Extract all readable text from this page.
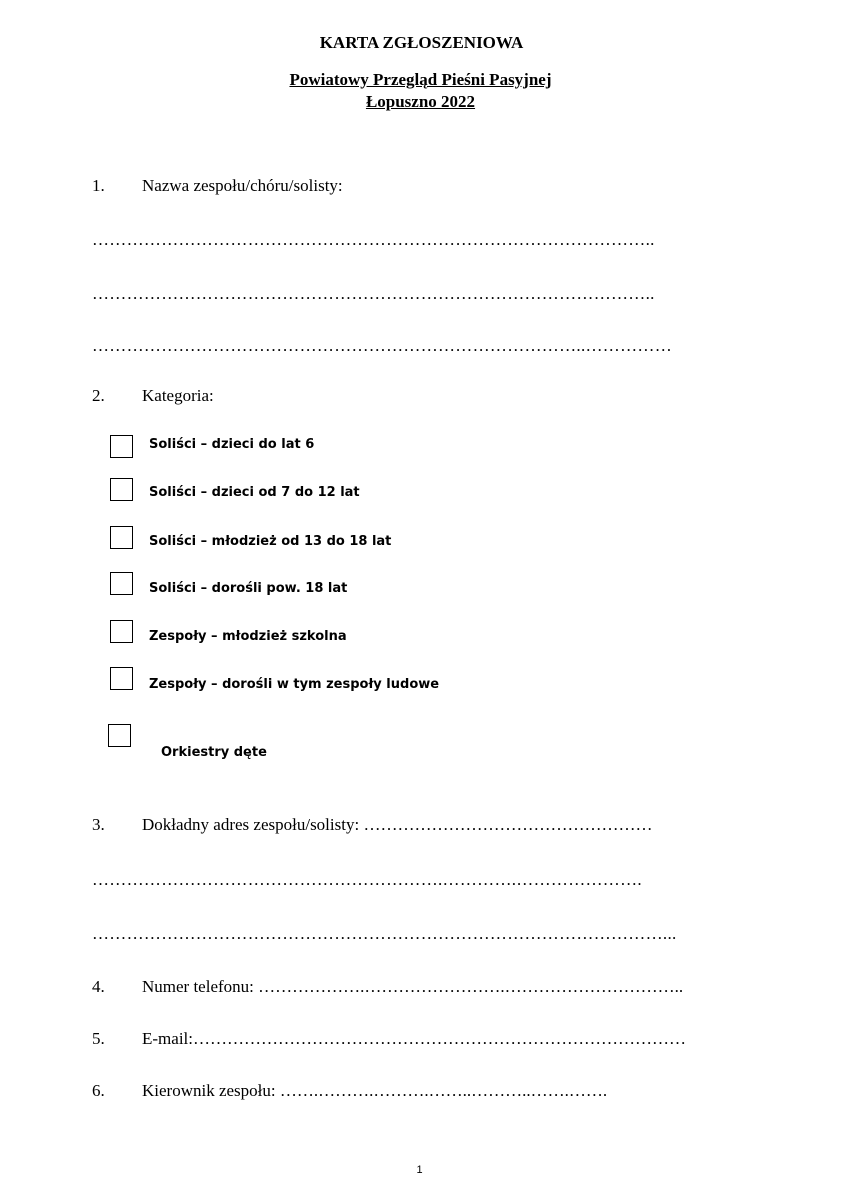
KARTA ZGŁOSZENIOWA
Powiatowy Przegląd Pieśni Pasyjnej
Łopuszno 2022
1. Nazwa zespołu/chóru/solisty:
……………………………………………………………………………………..
……………………………………………………………………………………..
…………………………………………………………………………..……………
2. Kategoria:
Soliści – dzieci do lat 6
Soliści – dzieci od 7 do 12 lat
Soliści – młodzież od 13 do 18 lat
Soliści – dorośli pow. 18 lat
Zespoły – młodzież szkolna
Zespoły – dorośli w tym zespoły ludowe
Orkiestry dęte
3. Dokładny adres zespołu/solisty: ……………………………………………
…………………………………………………….………….………………….
………………………………………………………………………………………...
4. Numer telefonu: ……………….…………………….…………………………..
5. E-mail:……………………………………………………………………………
6. Kierownik zespołu: …….……….……….……..………..…….…….
1
